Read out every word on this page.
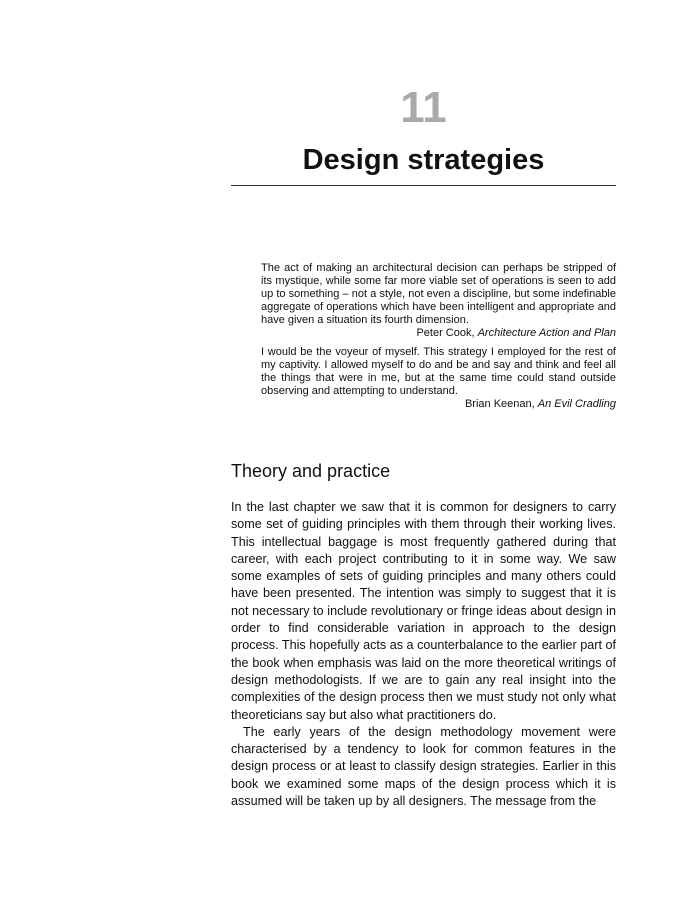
11
Design strategies

The act of making an architectural decision can perhaps be stripped of its mystique, while some far more viable set of operations is seen to add up to something – not a style, not even a discipline, but some indefinable aggregate of operations which have been intelligent and appropriate and have given a situation its fourth dimension.

Peter Cook, Architecture Action and Plan

I would be the voyeur of myself. This strategy I employed for the rest of my captivity. I allowed myself to do and be and say and think and feel all the things that were in me, but at the same time could stand outside observing and attempting to understand.

Brian Keenan, An Evil Cradling

Theory and practice

In the last chapter we saw that it is common for designers to carry some set of guiding principles with them through their working lives. This intellectual baggage is most frequently gathered during that career, with each project contributing to it in some way. We saw some examples of sets of guiding principles and many others could have been presented. The intention was simply to suggest that it is not necessary to include revolutionary or fringe ideas about design in order to find considerable variation in approach to the design process. This hopefully acts as a counterbalance to the earlier part of the book when emphasis was laid on the more theoretical writings of design methodologists. If we are to gain any real insight into the complexities of the design process then we must study not only what theoreticians say but also what practitioners do.

The early years of the design methodology movement were characterised by a tendency to look for common features in the design process or at least to classify design strategies. Earlier in this book we examined some maps of the design process which it is assumed will be taken up by all designers. The message from the
